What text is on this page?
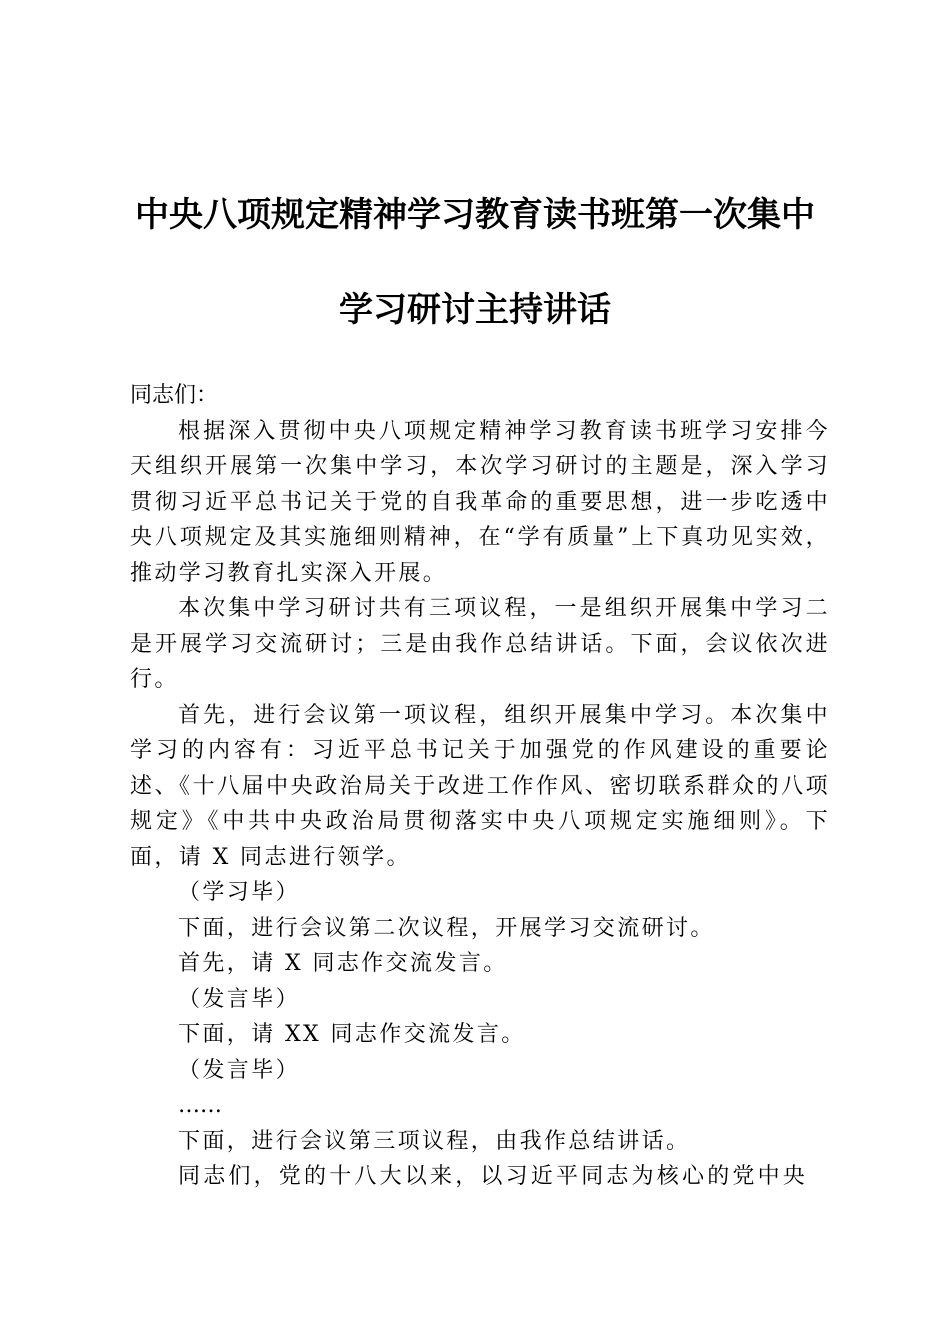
中央八项规定精神学习教育读书班第一次集中
学习研讨主持讲话

同志们：

根据深入贯彻中央八项规定精神学习教育读书班学习安排今天组织开展第一次集中学习，本次学习研讨的主题是，深入学习贯彻习近平总书记关于党的自我革命的重要思想，进一步吃透中央八项规定及其实施细则精神，在“学有质量”上下真功见实效，推动学习教育扎实深入开展。

本次集中学习研讨共有三项议程，一是组织开展集中学习二是开展学习交流研讨；三是由我作总结讲话。下面，会议依次进行。

首先，进行会议第一项议程，组织开展集中学习。本次集中学习的内容有：习近平总书记关于加强党的作风建设的重要论述、《十八届中央政治局关于改进工作作风、密切联系群众的八项规定》《中共中央政治局贯彻落实中央八项规定实施细则》。下面，请 X 同志进行领学。

（学习毕）

下面，进行会议第二次议程，开展学习交流研讨。

首先，请 X 同志作交流发言。

（发言毕）

下面，请 XX 同志作交流发言。

（发言毕）

……

下面，进行会议第三项议程，由我作总结讲话。

同志们，党的十八大以来，以习近平同志为核心的党中央
